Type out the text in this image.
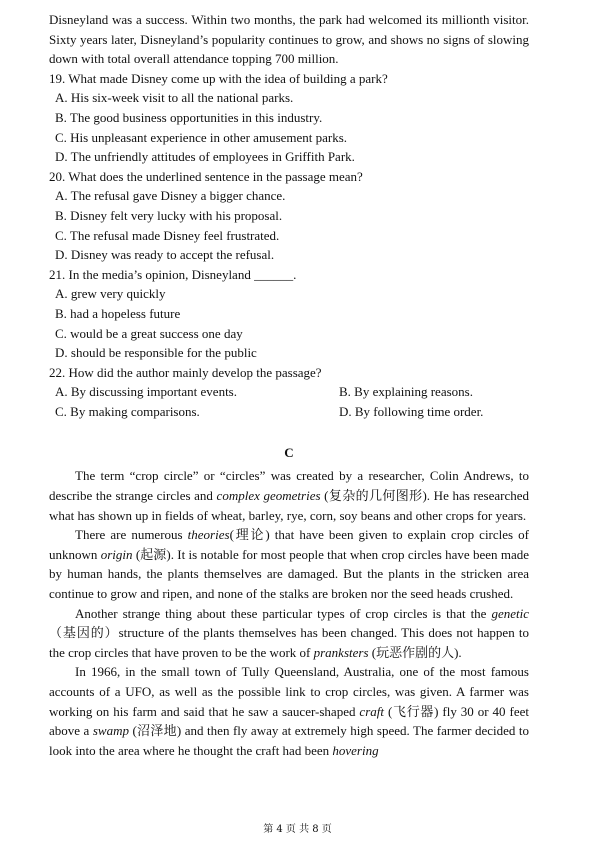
Disneyland was a success. Within two months, the park had welcomed its millionth visitor. Sixty years later, Disneyland’s popularity continues to grow, and shows no signs of slowing down with total overall attendance topping 700 million.

19. What made Disney come up with the idea of building a park?

A. His six-week visit to all the national parks.

B. The good business opportunities in this industry.

C. His unpleasant experience in other amusement parks.

D. The unfriendly attitudes of employees in Griffith Park.

20. What does the underlined sentence in the passage mean?

A. The refusal gave Disney a bigger chance.

B. Disney felt very lucky with his proposal.

C. The refusal made Disney feel frustrated.

D. Disney was ready to accept the refusal.

21. In the media’s opinion, Disneyland ______.

A. grew very quickly

B. had a hopeless future

C. would be a great success one day

D. should be responsible for the public

22. How did the author mainly develop the passage?

A. By discussing important events.	B. By explaining reasons.
C. By making comparisons.	D. By following time order.
C

The term “crop circle” or “circles” was created by a researcher, Colin Andrews, to describe the strange circles and complex geometries (复杂的几何图形). He has researched what has shown up in fields of wheat, barley, rye, corn, soy beans and other crops for years.

There are numerous theories(理论) that have been given to explain crop circles of unknown origin (起源). It is notable for most people that when crop circles have been made by human hands, the plants themselves are damaged. But the plants in the stricken area continue to grow and ripen, and none of the stalks are broken nor the seed heads crushed.

Another strange thing about these particular types of crop circles is that the genetic（基因的）structure of the plants themselves has been changed. This does not happen to the crop circles that have proven to be the work of pranksters (玩恶作剧的人).

In 1966, in the small town of Tully Queensland, Australia, one of the most famous accounts of a UFO, as well as the possible link to crop circles, was given. A farmer was working on his farm and said that he saw a saucer-shaped craft (飞行器) fly 30 or 40 feet above a swamp (沼泽地) and then fly away at extremely high speed. The farmer decided to look into the area where he thought the craft had been hovering

第 4 页 共 8 页
